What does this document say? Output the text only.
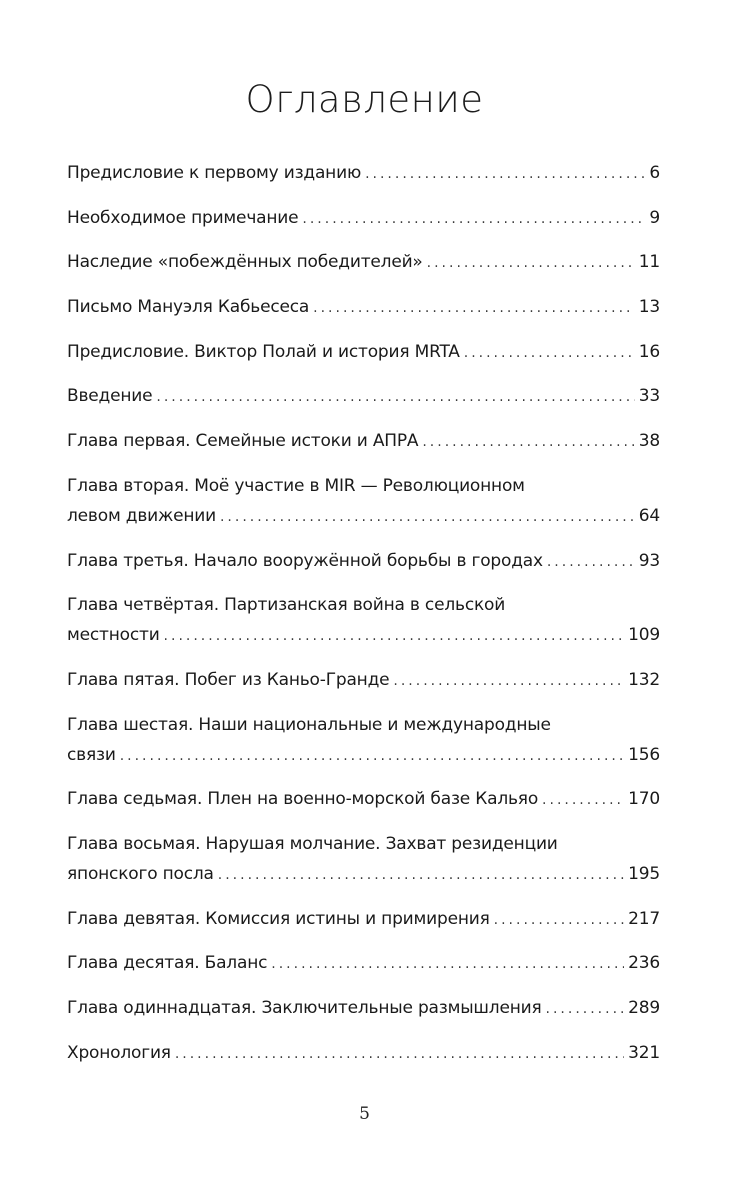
Оглавление
Предисловие к первому изданию .....	6
Необходимое примечание .....	9
Наследие «побеждённых победителей» .....	11
Письмо Мануэля Кабьесеса .....	13
Предисловие. Виктор Полай и история MRTA .....	16
Введение .....	33
Глава первая. Семейные истоки и АПРА .....	38
Глава вторая. Моё участие в MIR — Революционном
левом движении .....	64
Глава третья. Начало вооружённой борьбы в городах .....	93
Глава четвёртая. Партизанская война в сельской
местности .....	109
Глава пятая. Побег из Каньо-Гранде .....	132
Глава шестая. Наши национальные и международные
связи .....	156
Глава седьмая. Плен на военно-морской базе Кальяо .....	170
Глава восьмая. Нарушая молчание. Захват резиденции
японского посла .....	195
Глава девятая. Комиссия истины и примирения .....	217
Глава десятая. Баланс .....	236
Глава одиннадцатая. Заключительные размышления .....	289
Хронология .....	321
5
